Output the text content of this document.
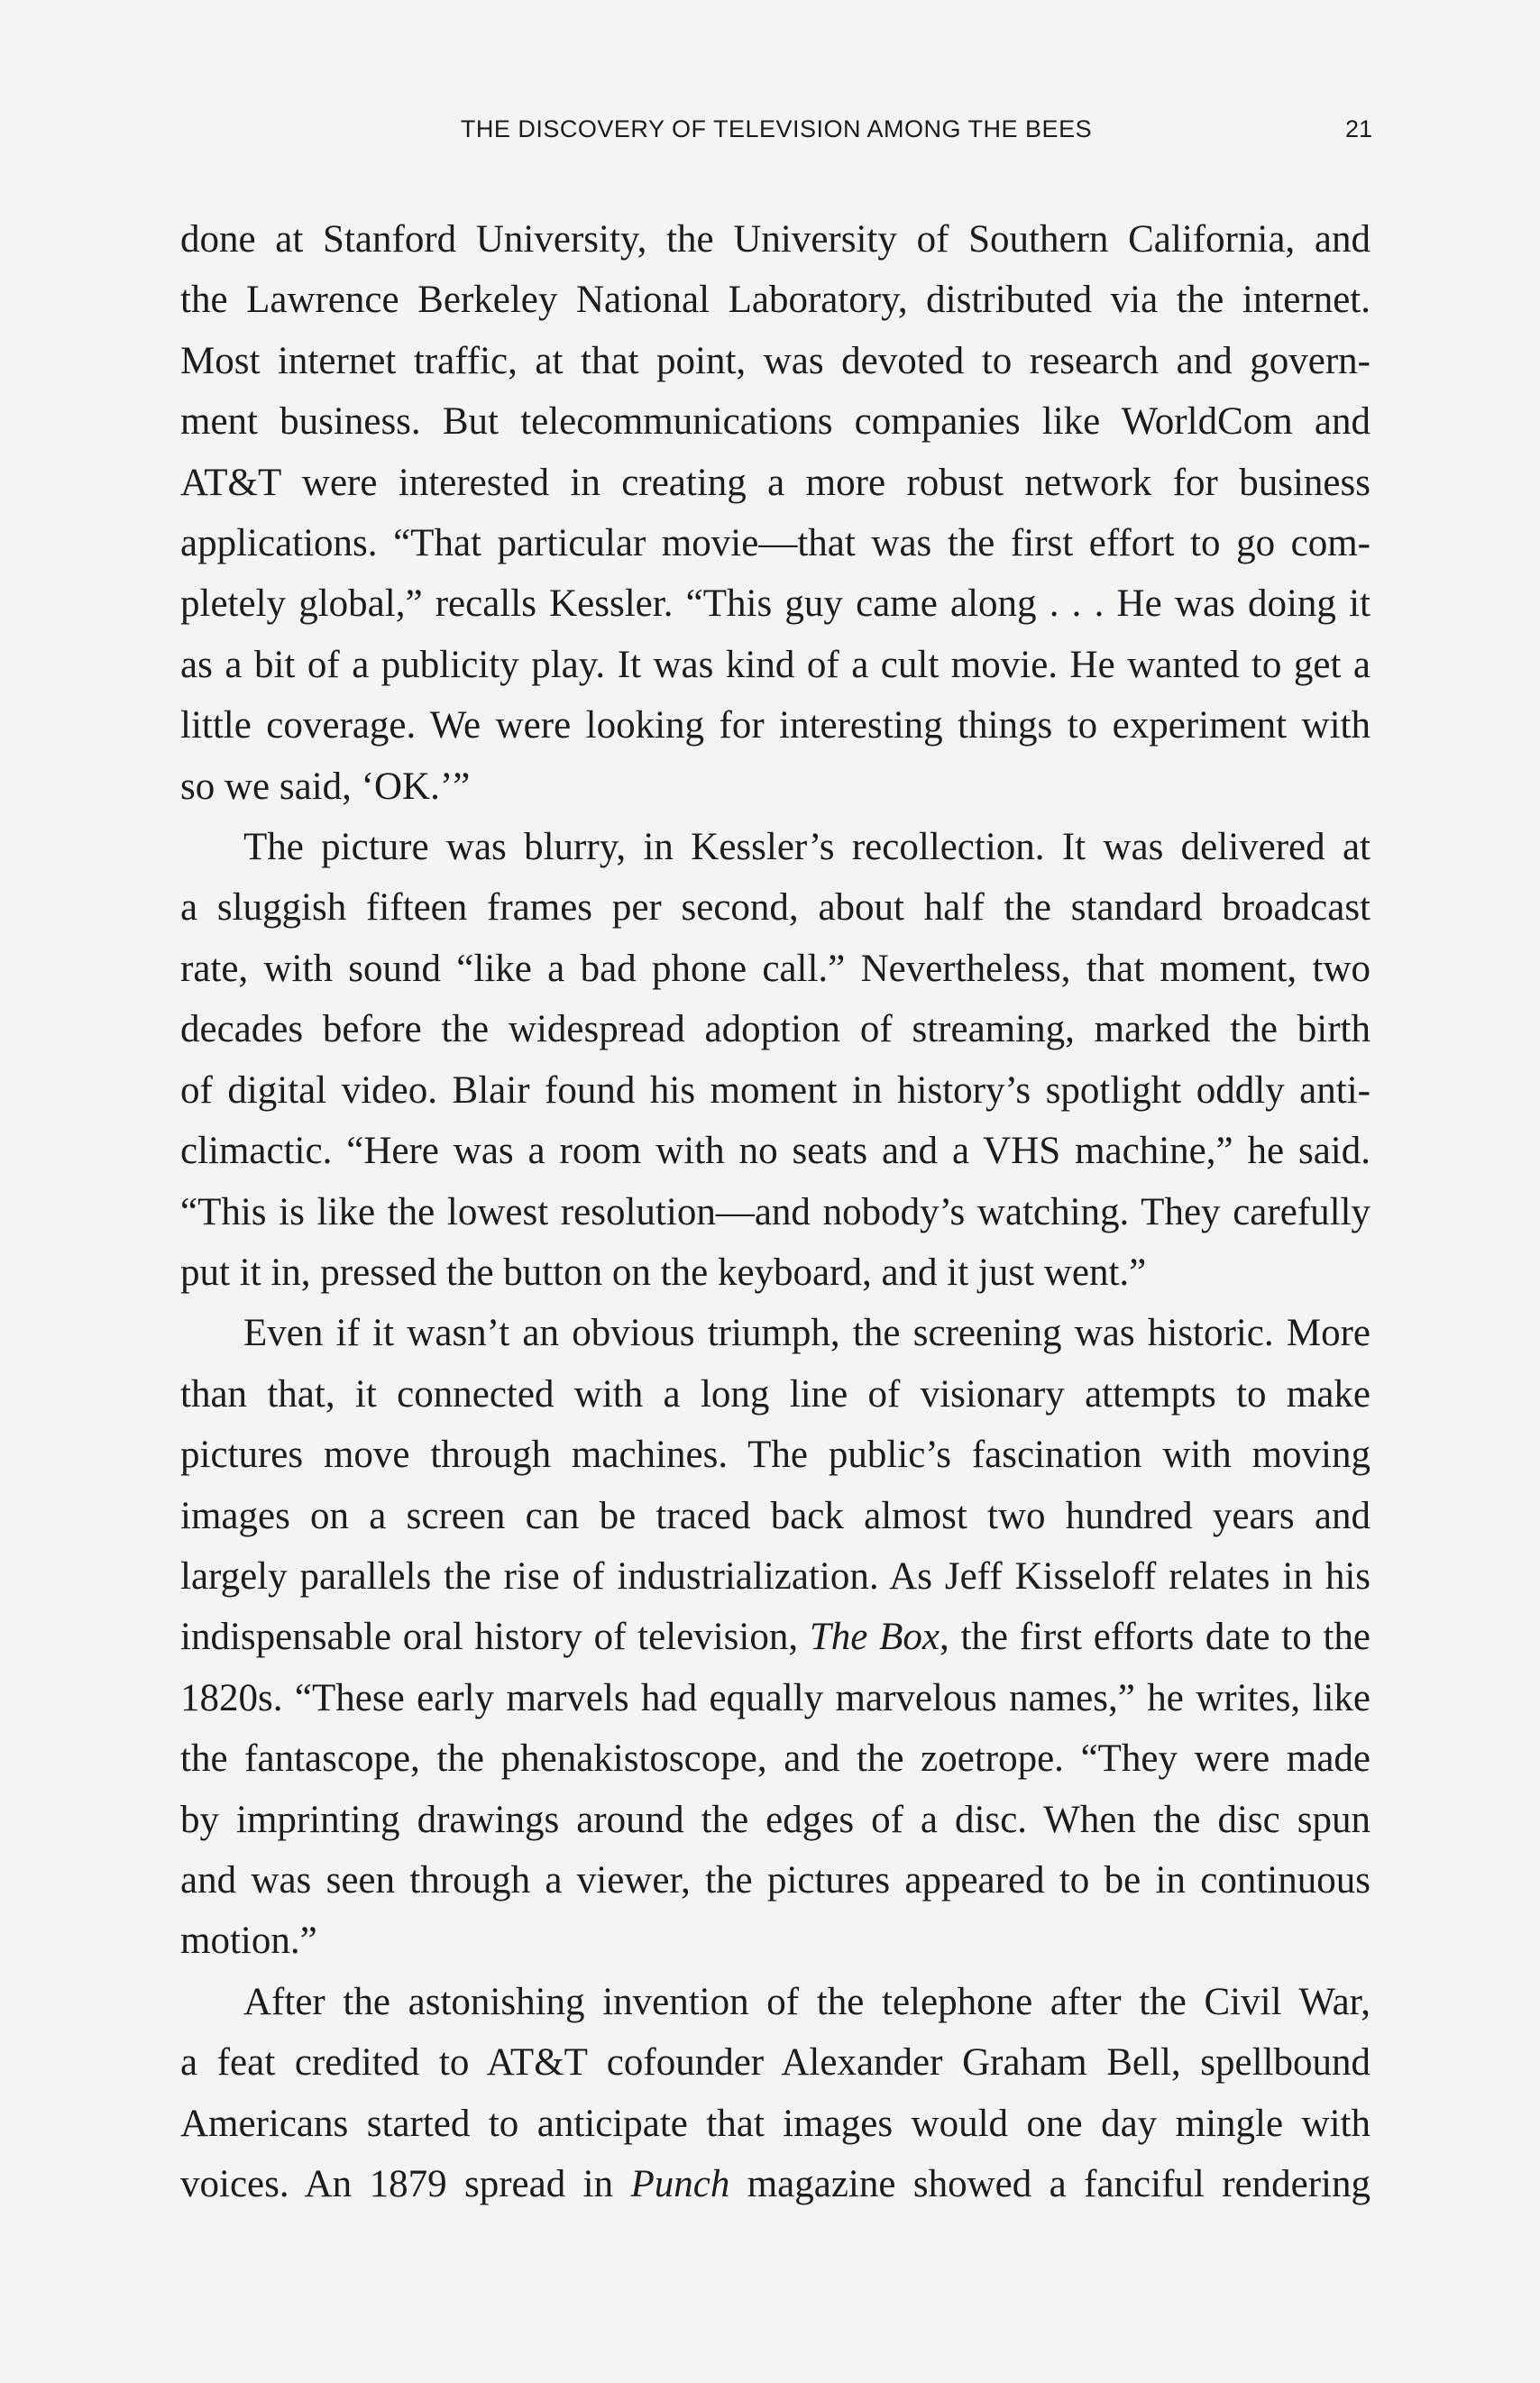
THE DISCOVERY OF TELEVISION AMONG THE BEES	21

done at Stanford University, the University of Southern California, and
the Lawrence Berkeley National Laboratory, distributed via the internet.
Most internet traffic, at that point, was devoted to research and govern-
ment business. But telecommunications companies like WorldCom and
AT&T were interested in creating a more robust network for business
applications. “That particular movie—that was the first effort to go com-
pletely global,” recalls Kessler. “This guy came along . . . He was doing it
as a bit of a publicity play. It was kind of a cult movie. He wanted to get a
little coverage. We were looking for interesting things to experiment with
so we said, ‘OK.’”

The picture was blurry, in Kessler’s recollection. It was delivered at
a sluggish fifteen frames per second, about half the standard broadcast
rate, with sound “like a bad phone call.” Nevertheless, that moment, two
decades before the widespread adoption of streaming, marked the birth
of digital video. Blair found his moment in history’s spotlight oddly anti-
climactic. “Here was a room with no seats and a VHS machine,” he said.
“This is like the lowest resolution—and nobody’s watching. They carefully
put it in, pressed the button on the keyboard, and it just went.”

Even if it wasn’t an obvious triumph, the screening was historic. More
than that, it connected with a long line of visionary attempts to make
pictures move through machines. The public’s fascination with moving
images on a screen can be traced back almost two hundred years and
largely parallels the rise of industrialization. As Jeff Kisseloff relates in his
indispensable oral history of television, The Box, the first efforts date to the
1820s. “These early marvels had equally marvelous names,” he writes, like
the fantascope, the phenakistoscope, and the zoetrope. “They were made
by imprinting drawings around the edges of a disc. When the disc spun
and was seen through a viewer, the pictures appeared to be in continuous
motion.”

After the astonishing invention of the telephone after the Civil War,
a feat credited to AT&T cofounder Alexander Graham Bell, spellbound
Americans started to anticipate that images would one day mingle with
voices. An 1879 spread in Punch magazine showed a fanciful rendering
